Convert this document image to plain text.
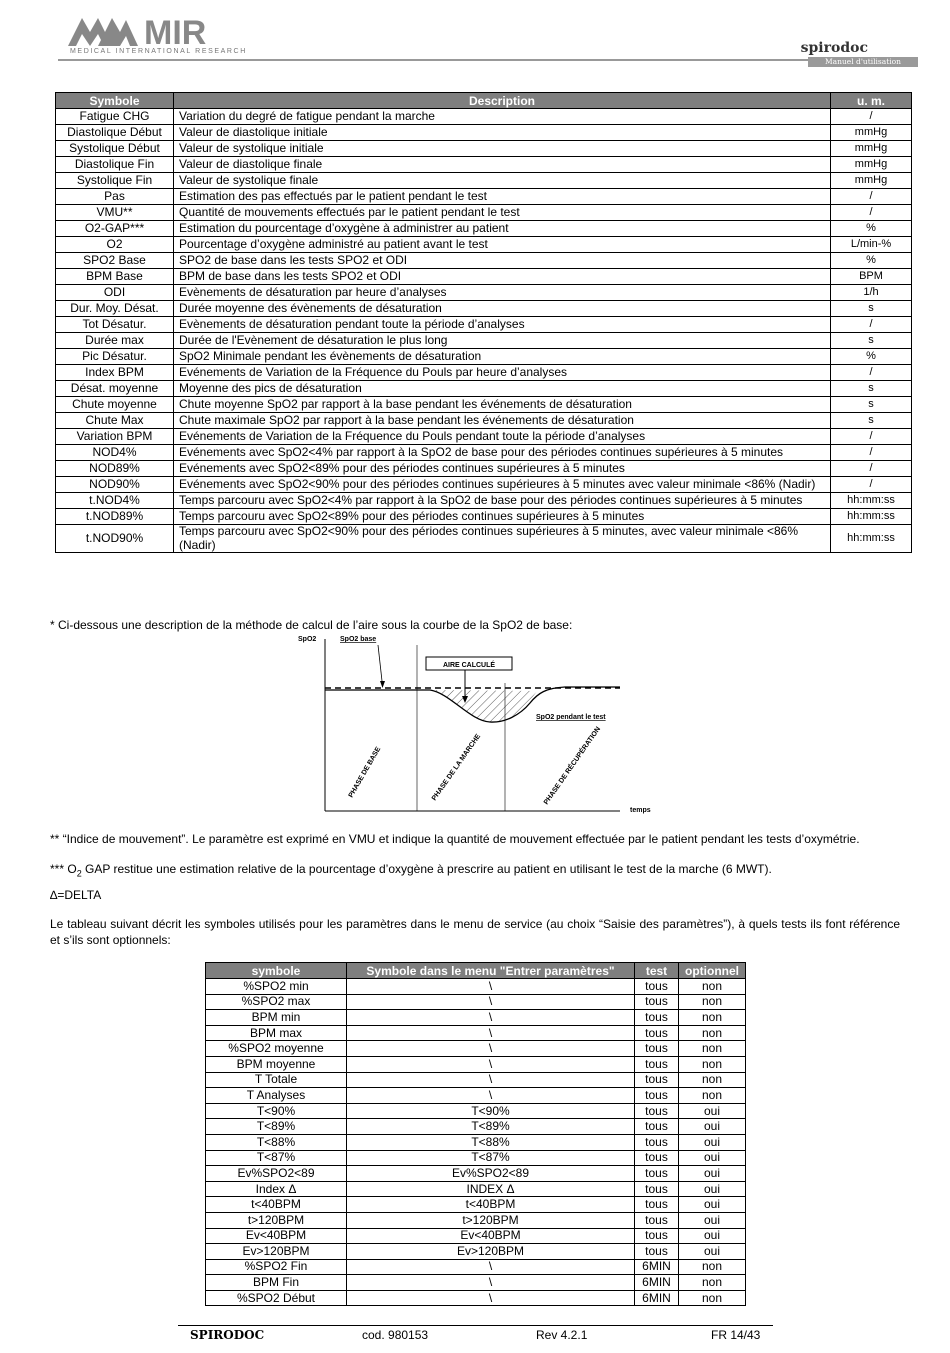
MIR
MEDICAL INTERNATIONAL RESEARCH	spirodoc
Manuel d'utilisation
Symbole	Description	u. m.
Fatigue CHG	Variation du degré de fatigue pendant la marche	/
Diastolique Début	Valeur de diastolique initiale	mmHg
Systolique Début	Valeur de systolique initiale	mmHg
Diastolique Fin	Valeur de diastolique finale	mmHg
Systolique Fin	Valeur de systolique finale	mmHg
Pas	Estimation des pas effectués par le patient pendant le test	/
VMU**	Quantité de mouvements effectués par le patient pendant le test	/
O2-GAP***	Estimation du pourcentage d’oxygène à administrer au patient	%
O2	Pourcentage d’oxygène administré au patient avant le test	L/min-%
SPO2 Base	SPO2 de base dans les tests SPO2 et ODI	%
BPM Base	BPM de base dans les tests SPO2 et ODI	BPM
ODI	Evènements de désaturation par heure d’analyses	1/h
Dur. Moy. Désat.	Durée moyenne des évènements de désaturation	s
Tot Désatur.	Evènements de désaturation pendant toute la période d’analyses	/
Durée max	Durée de l'Evènement de désaturation le plus long	s
Pic Désatur.	SpO2 Minimale pendant les évènements de désaturation	%
Index BPM	Evénements de Variation de la Fréquence du Pouls par heure d’analyses	/
Désat. moyenne	Moyenne des pics de désaturation	s
Chute moyenne	Chute moyenne SpO2 par rapport à la base pendant les événements de désaturation	s
Chute Max	Chute maximale SpO2 par rapport à la base pendant les événements de désaturation	s
Variation BPM	Evénements de Variation de la Fréquence du Pouls pendant toute la période d’analyses	/
NOD4%	Evénements avec SpO2<4% par rapport à la SpO2 de base pour des périodes continues supérieures à 5 minutes	/
NOD89%	Evénements avec SpO2<89% pour des périodes continues supérieures à 5 minutes	/
NOD90%	Evénements avec SpO2<90% pour des périodes continues supérieures à 5 minutes avec valeur minimale <86% (Nadir)	/
t.NOD4%	Temps parcouru avec SpO2<4% par rapport à la SpO2 de base pour des périodes continues supérieures à 5 minutes	hh:mm:ss
t.NOD89%	Temps parcouru avec SpO2<89% pour des périodes continues supérieures à 5 minutes	hh:mm:ss
t.NOD90%	Temps parcouru avec SpO2<90% pour des périodes continues supérieures à 5 minutes, avec valeur minimale <86% (Nadir)	hh:mm:ss
* Ci-dessous une description de la méthode de calcul de l’aire sous la courbe de la SpO2 de base:
SpO2	SpO2 base
AIRE CALCULÉ
SpO2 pendant le test
PHASE DE BASE	PHASE DE LA MARCHE	PHASE DE RÉCUPÉRATION
temps
** “Indice de mouvement”. Le paramètre est exprimé en VMU et indique la quantité de mouvement effectuée par le patient pendant les tests d’oxymétrie.
*** $O_2$ GAP restitue une estimation relative de la pourcentage d’oxygène à prescrire au patient en utilisant le test de la marche (6 MWT).
∆=DELTA
Le tableau suivant décrit les symboles utilisés pour les paramètres dans le menu de service (au choix “Saisie des paramètres”), à quels tests ils font référence et s’ils sont optionnels:
symbole	Symbole dans le menu "Entrer paramètres"	test	optionnel
%SPO2 min	\	tous	non
%SPO2 max	\	tous	non
BPM min	\	tous	non
BPM max	\	tous	non
%SPO2 moyenne	\	tous	non
BPM moyenne	\	tous	non
T Totale	\	tous	non
T Analyses	\	tous	non
T<90%	T<90%	tous	oui
T<89%	T<89%	tous	oui
T<88%	T<88%	tous	oui
T<87%	T<87%	tous	oui
Ev%SPO2<89	Ev%SPO2<89	tous	oui
Index Δ	INDEX Δ	tous	oui
t<40BPM	t<40BPM	tous	oui
t>120BPM	t>120BPM	tous	oui
Ev<40BPM	Ev<40BPM	tous	oui
Ev>120BPM	Ev>120BPM	tous	oui
%SPO2 Fin	\	6MIN	non
BPM Fin	\	6MIN	non
%SPO2 Début	\	6MIN	non
SPIRODOC	cod. 980153	Rev 4.2.1	FR 14/43
